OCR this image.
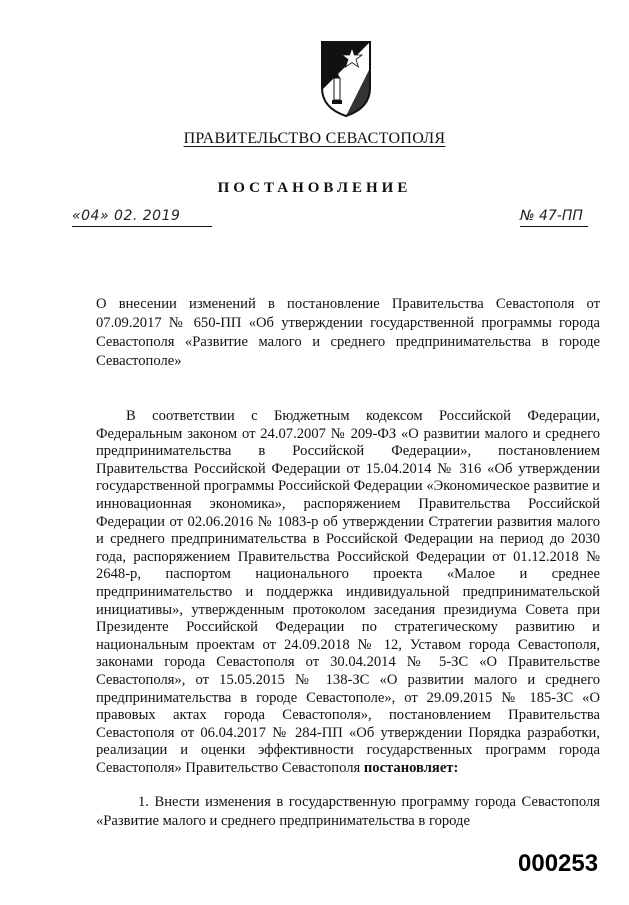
ПРАВИТЕЛЬСТВО СЕВАСТОПОЛЯ
ПОСТАНОВЛЕНИЕ
«04» 02. 2019	№ 47-ПП
О внесении изменений в постановление Правительства Севастополя от 07.09.2017 № 650-ПП «Об утверждении государственной программы города Севастополя «Развитие малого и среднего предпринимательства в городе Севастополе»
В соответствии с Бюджетным кодексом Российской Федерации, Федеральным законом от 24.07.2007 № 209-ФЗ «О развитии малого и среднего предпринимательства в Российской Федерации», постановлением Правительства Российской Федерации от 15.04.2014 № 316 «Об утверждении государственной программы Российской Федерации «Экономическое развитие и инновационная экономика», распоряжением Правительства Российской Федерации от 02.06.2016 № 1083-р об утверждении Стратегии развития малого и среднего предпринимательства в Российской Федерации на период до 2030 года, распоряжением Правительства Российской Федерации от 01.12.2018 № 2648-р, паспортом национального проекта «Малое и среднее предпринимательство и поддержка индивидуальной предпринимательской инициативы», утвержденным протоколом заседания президиума Совета при Президенте Российской Федерации по стратегическому развитию и национальным проектам от 24.09.2018 № 12, Уставом города Севастополя, законами города Севастополя от 30.04.2014 № 5-ЗС «О Правительстве Севастополя», от 15.05.2015 № 138-ЗС «О развитии малого и среднего предпринимательства в городе Севастополе», от 29.09.2015 № 185-ЗС «О правовых актах города Севастополя», постановлением Правительства Севастополя от 06.04.2017 № 284-ПП «Об утверждении Порядка разработки, реализации и оценки эффективности государственных программ города Севастополя» Правительство Севастополя постановляет:
1. Внести изменения в государственную программу города Севастополя «Развитие малого и среднего предпринимательства в городе
000253
